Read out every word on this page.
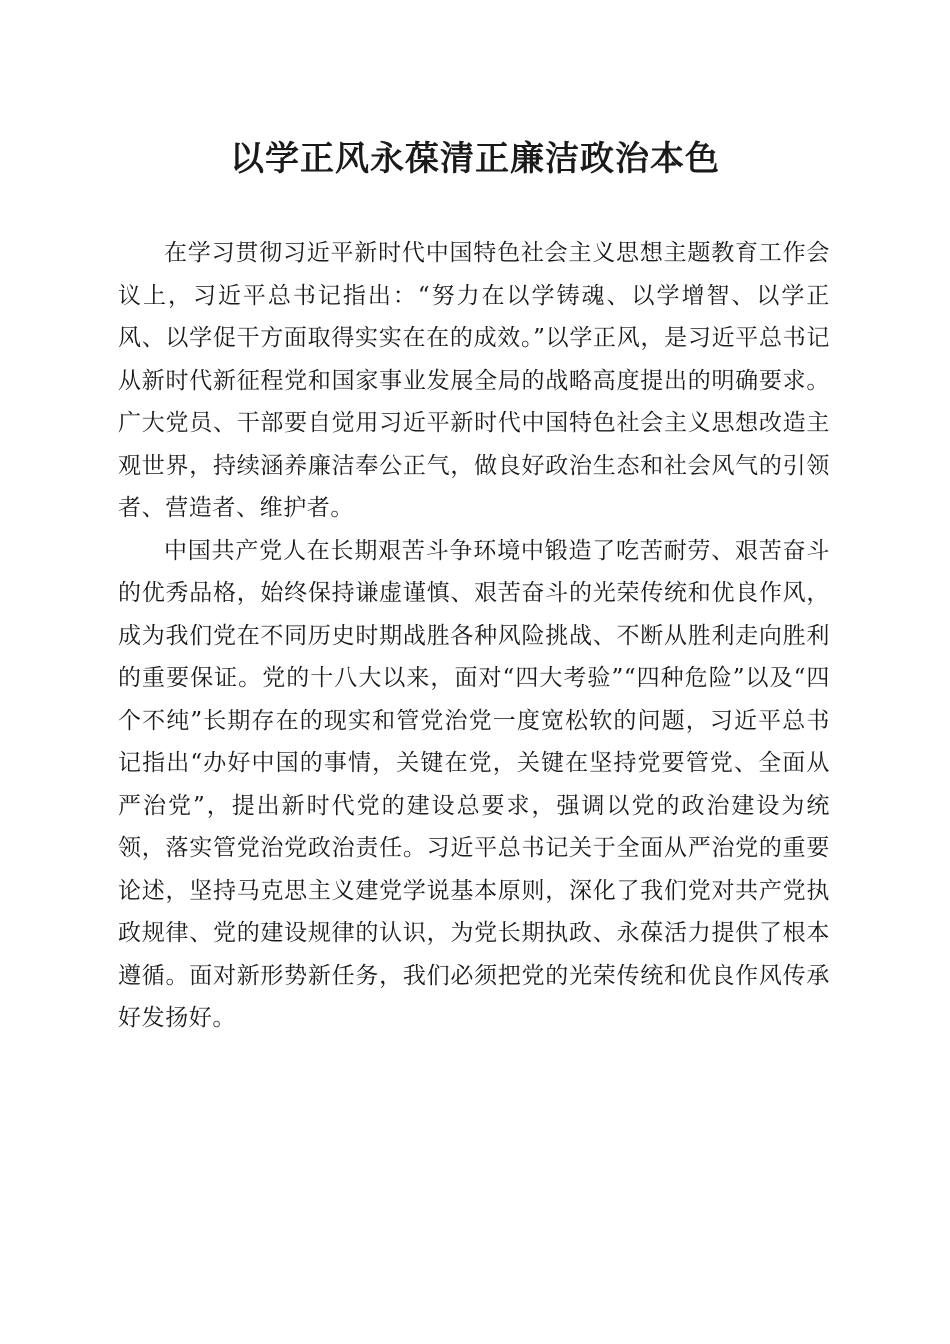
以学正风永葆清正廉洁政治本色

在学习贯彻习近平新时代中国特色社会主义思想主题教育工作会议上，习近平总书记指出：“努力在以学铸魂、以学增智、以学正风、以学促干方面取得实实在在的成效。”以学正风，是习近平总书记从新时代新征程党和国家事业发展全局的战略高度提出的明确要求。广大党员、干部要自觉用习近平新时代中国特色社会主义思想改造主观世界，持续涵养廉洁奉公正气，做良好政治生态和社会风气的引领者、营造者、维护者。

中国共产党人在长期艰苦斗争环境中锻造了吃苦耐劳、艰苦奋斗的优秀品格，始终保持谦虚谨慎、艰苦奋斗的光荣传统和优良作风，成为我们党在不同历史时期战胜各种风险挑战、不断从胜利走向胜利的重要保证。党的十八大以来，面对“四大考验”“四种危险”以及“四个不纯”长期存在的现实和管党治党一度宽松软的问题，习近平总书记指出“办好中国的事情，关键在党，关键在坚持党要管党、全面从严治党”，提出新时代党的建设总要求，强调以党的政治建设为统领，落实管党治党政治责任。习近平总书记关于全面从严治党的重要论述，坚持马克思主义建党学说基本原则，深化了我们党对共产党执政规律、党的建设规律的认识，为党长期执政、永葆活力提供了根本遵循。面对新形势新任务，我们必须把党的光荣传统和优良作风传承好发扬好。
